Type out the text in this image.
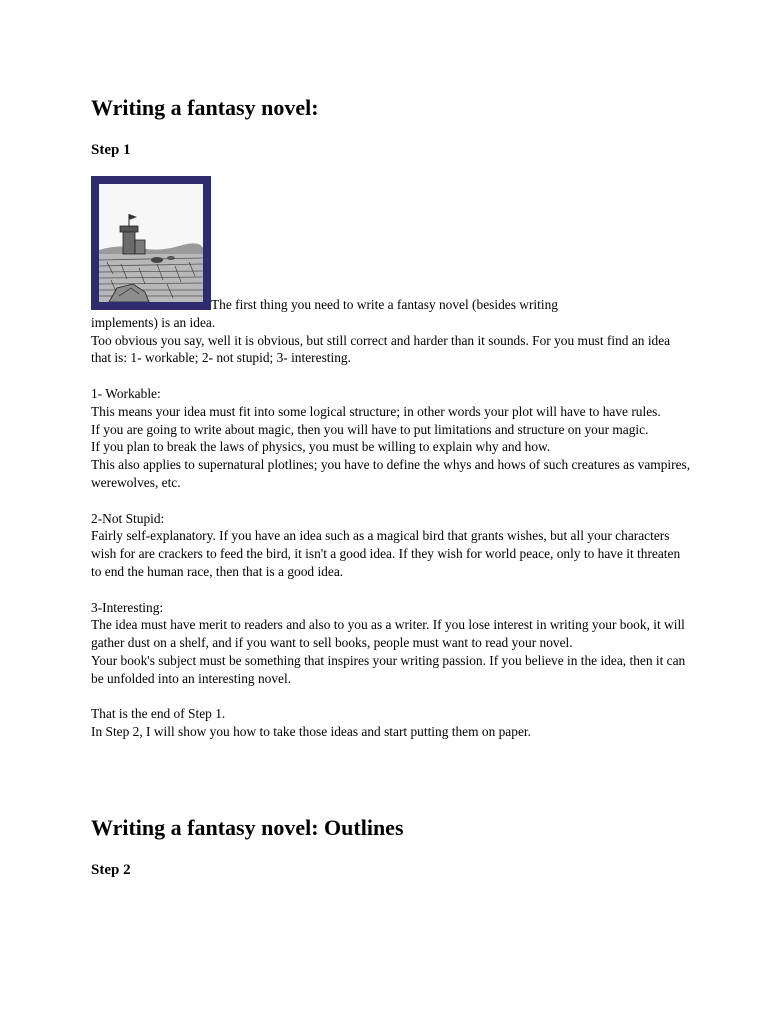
Writing a fantasy novel:
Step 1

The first thing you need to write a fantasy novel (besides writing

implements) is an idea.

Too obvious you say, well it is obvious, but still correct and harder than it sounds. For you must find an idea that is: 1- workable; 2- not stupid; 3- interesting.

1- Workable:

This means your idea must fit into some logical structure; in other words your plot will have to have rules.

If you are going to write about magic, then you will have to put limitations and structure on your magic.

If you plan to break the laws of physics, you must be willing to explain why and how.

This also applies to supernatural plotlines; you have to define the whys and hows of such creatures as vampires, werewolves, etc.

2-Not Stupid:

Fairly self-explanatory. If you have an idea such as a magical bird that grants wishes, but all your characters wish for are crackers to feed the bird, it isn't a good idea. If they wish for world peace, only to have it threaten to end the human race, then that is a good idea.

3-Interesting:

The idea must have merit to readers and also to you as a writer. If you lose interest in writing your book, it will gather dust on a shelf, and if you want to sell books, people must want to read your novel.

Your book's subject must be something that inspires your writing passion. If you believe in the idea, then it can be unfolded into an interesting novel.

That is the end of Step 1.

In Step 2, I will show you how to take those ideas and start putting them on paper.

Writing a fantasy novel: Outlines
Step 2
